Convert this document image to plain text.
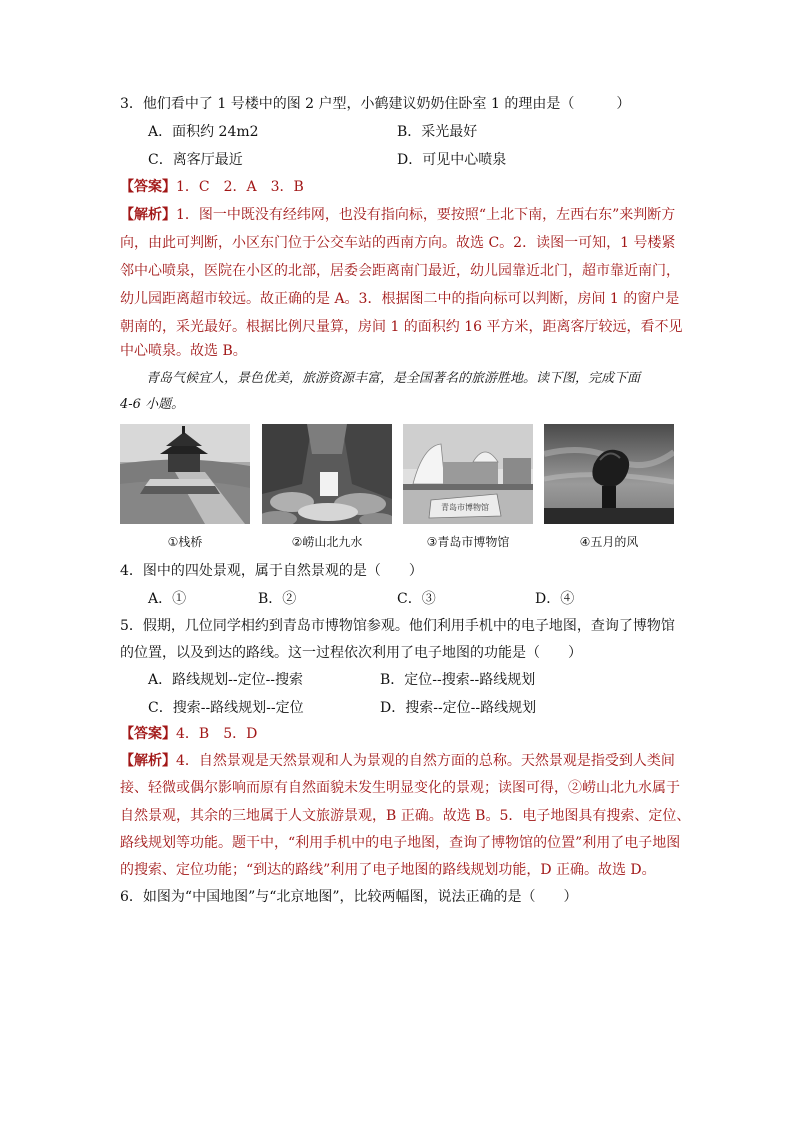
3．他们看中了 1 号楼中的图 2 户型，小鹤建议奶奶住卧室 1 的理由是（　　　）
A．面积约 24m2	B．采光最好
C．离客厅最近	D．可见中心喷泉
【答案】1．C　2．A　3．B
【解析】1．图一中既没有经纬网，也没有指向标，要按照“上北下南，左西右东”来判断方
向，由此可判断，小区东门位于公交车站的西南方向。故选 C。2．读图一可知，1 号楼紧
邻中心喷泉，医院在小区的北部，居委会距离南门最近，幼儿园靠近北门，超市靠近南门，
幼儿园距离超市较远。故正确的是 A。3．根据图二中的指向标可以判断，房间 1 的窗户是
朝南的，采光最好。根据比例尺量算，房间 1 的面积约 16 平方米，距离客厅较远，看不见
中心喷泉。故选 B。
青岛气候宜人，景色优美，旅游资源丰富，是全国著名的旅游胜地。读下图，完成下面
4-6 小题。
青岛市博物馆
①栈桥	②崂山北九水	③青岛市博物馆	④五月的风
4．图中的四处景观，属于自然景观的是（　　）
A．①	B．②	C．③	D．④
5．假期，几位同学相约到青岛市博物馆参观。他们利用手机中的电子地图，查询了博物馆
的位置，以及到达的路线。这一过程依次利用了电子地图的功能是（　　）
A．路线规划--定位--搜索	B．定位--搜索--路线规划
C．搜索--路线规划--定位	D．搜索--定位--路线规划
【答案】4．B　5．D
【解析】4．自然景观是天然景观和人为景观的自然方面的总称。天然景观是指受到人类间
接、轻微或偶尔影响而原有自然面貌未发生明显变化的景观；读图可得，②崂山北九水属于
自然景观，其余的三地属于人文旅游景观，B 正确。故选 B。5．电子地图具有搜索、定位、
路线规划等功能。题干中，“利用手机中的电子地图，查询了博物馆的位置”利用了电子地图
的搜索、定位功能；“到达的路线”利用了电子地图的路线规划功能，D 正确。故选 D。
6．如图为“中国地图”与“北京地图”，比较两幅图，说法正确的是（　　）
